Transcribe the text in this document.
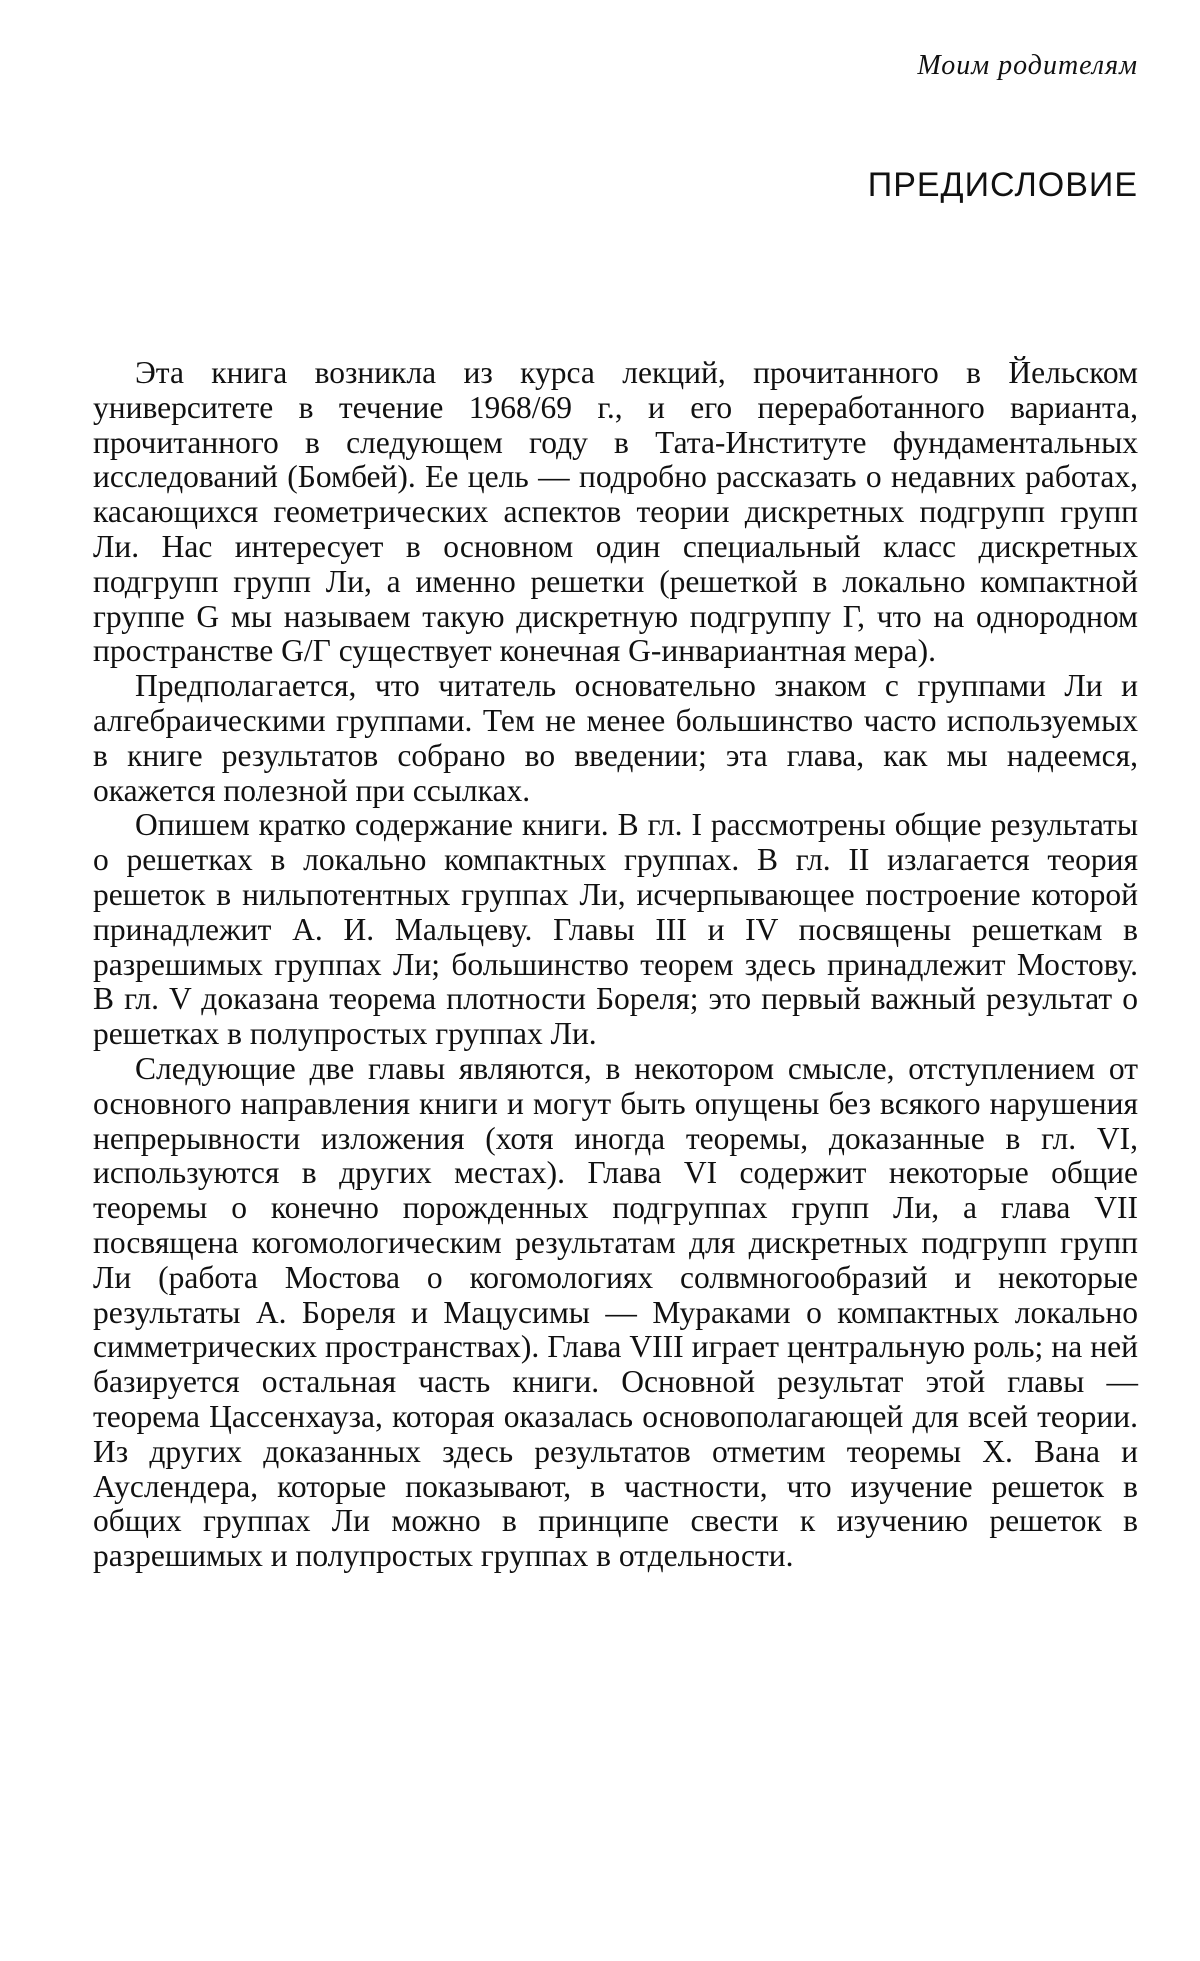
Моим родителям
ПРЕДИСЛОВИЕ

Эта книга возникла из курса лекций, прочитанного в Йельском университете в течение 1968/69 г., и его переработанного варианта, прочитанного в следующем году в Тата-Институте фундаментальных исследований (Бомбей). Ее цель — подробно рассказать о недавних работах, касающихся геометрических аспектов теории дискретных подгрупп групп Ли. Нас интересует в основном один специальный класс дискретных подгрупп групп Ли, а именно решетки (решеткой в локально компактной группе G мы называем такую дискретную подгруппу Γ, что на однородном пространстве G/Γ существует конечная G-инвариантная мера).

Предполагается, что читатель основательно знаком с группами Ли и алгебраическими группами. Тем не менее большинство часто используемых в книге результатов собрано во введении; эта глава, как мы надеемся, окажется полезной при ссылках.

Опишем кратко содержание книги. В гл. I рассмотрены общие результаты о решетках в локально компактных группах. В гл. II излагается теория решеток в нильпотентных группах Ли, исчерпывающее построение которой принадлежит А. И. Мальцеву. Главы III и IV посвящены решеткам в разрешимых группах Ли; большинство теорем здесь принадлежит Мостову. В гл. V доказана теорема плотности Бореля; это первый важный результат о решетках в полупростых группах Ли.

Следующие две главы являются, в некотором смысле, отступлением от основного направления книги и могут быть опущены без всякого нарушения непрерывности изложения (хотя иногда теоремы, доказанные в гл. VI, используются в других местах). Глава VI содержит некоторые общие теоремы о конечно порожденных подгруппах групп Ли, а глава VII посвящена когомологическим результатам для дискретных подгрупп групп Ли (работа Мостова о когомологиях солвмногообразий и некоторые результаты А. Бореля и Мацусимы — Мураками о компактных локально симметрических пространствах). Глава VIII играет центральную роль; на ней базируется остальная часть книги. Основной результат этой главы — теорема Цассенхауза, которая оказалась основополагающей для всей теории. Из других доказанных здесь результатов отметим теоремы Х. Вана и Ауслендера, которые показывают, в частности, что изучение решеток в общих группах Ли можно в принципе свести к изучению решеток в разрешимых и полупростых группах в отдельности.
